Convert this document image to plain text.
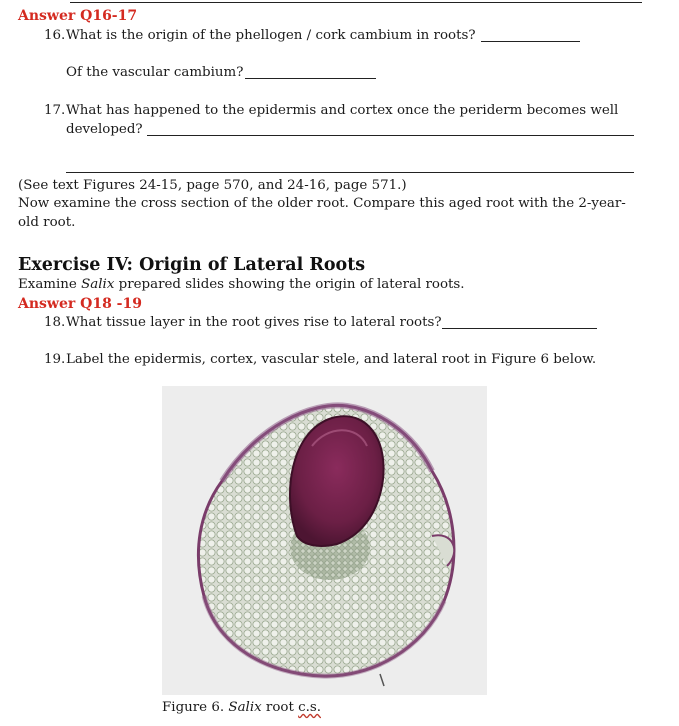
Answer Q16-17
16. What is the origin of the phellogen / cork cambium in roots?
Of the vascular cambium?
17. What has happened to the epidermis and cortex once the periderm becomes well
developed?
(See text Figures 24-15, page 570, and 24-16, page 571.)
Now examine the cross section of the older root. Compare this aged root with the 2-year-
old root.
Exercise IV: Origin of Lateral Roots
Examine Salix prepared slides showing the origin of lateral roots.
Answer Q18 -19
18. What tissue layer in the root gives rise to lateral roots?
19. Label the epidermis, cortex, vascular stele, and lateral root in Figure 6 below.
Figure 6. Salix root c.s.
